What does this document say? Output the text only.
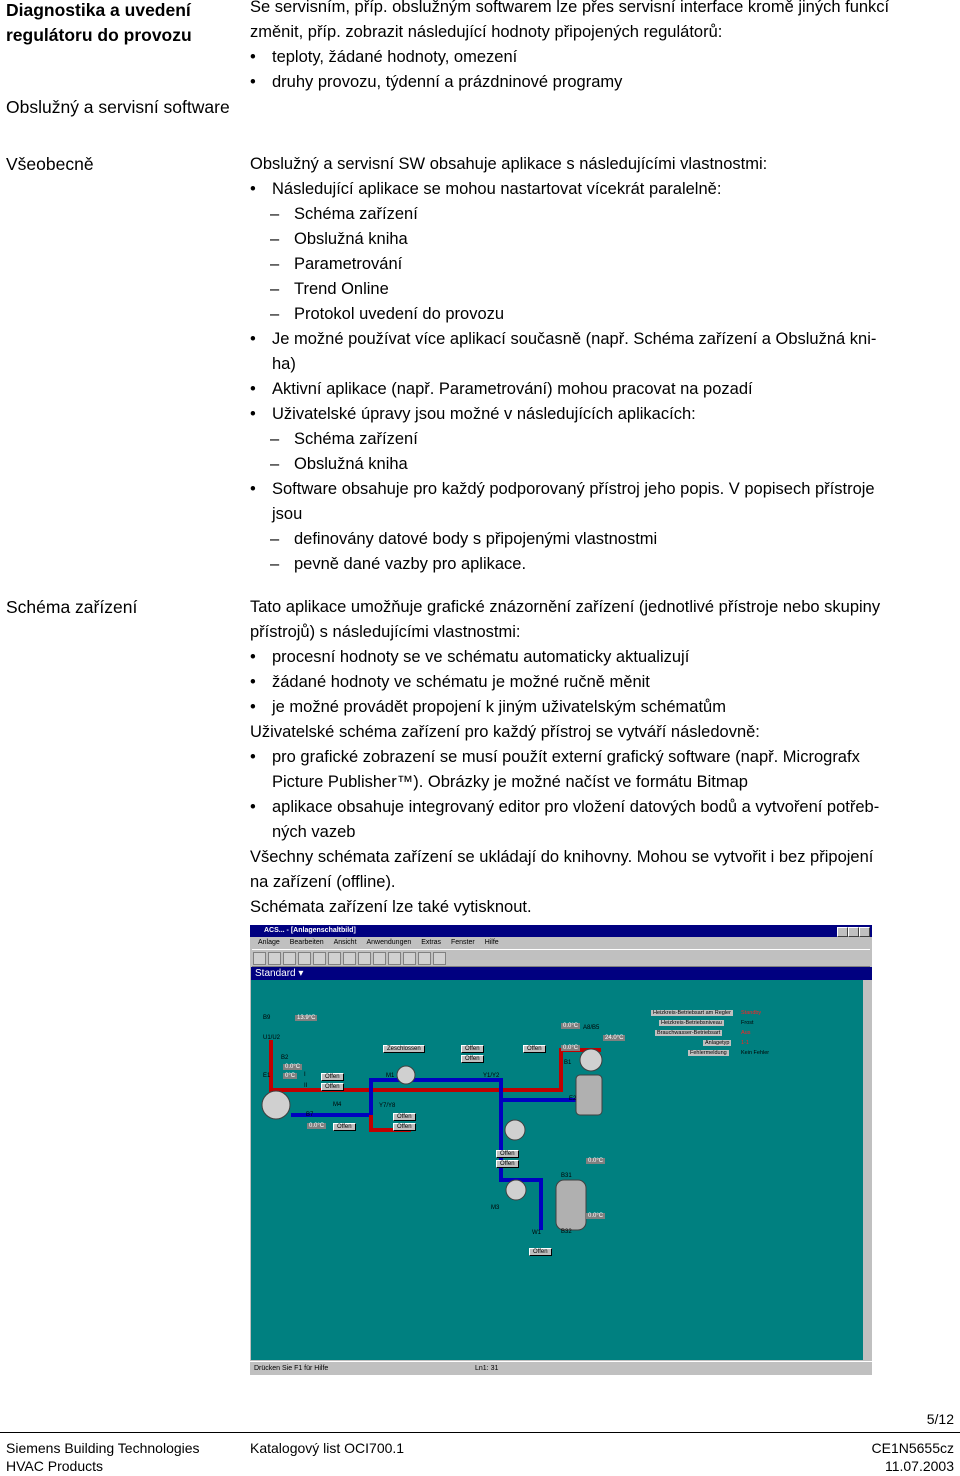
Diagnostika a uvedení regulátoru do provozu
Obslužný a servisní software
Všeobecně
Schéma zařízení

Se servisním, příp. obslužným softwarem lze přes servisní interface kromě jiných funkcí

změnit, příp. zobrazit následující hodnoty připojených regulátorů:

• teploty, žádané hodnoty, omezení

• druhy provozu, týdenní a prázdninové programy

Obslužný a servisní SW obsahuje aplikace s následujícími vlastnostmi:

• Následující aplikace se mohou nastartovat vícekrát paralelně:

– Schéma zařízení

– Obslužná kniha

– Parametrování

– Trend Online

– Protokol uvedení do provozu

• Je možné používat více aplikací současně (např. Schéma zařízení a Obslužná kni-

ha)

• Aktivní aplikace (např. Parametrování) mohou pracovat na pozadí

• Uživatelské úpravy jsou možné v následujících aplikacích:

– Schéma zařízení

– Obslužná kniha

• Software obsahuje pro každý podporovaný přístroj jeho popis. V popisech přístroje

jsou

– definovány datové body s připojenými vlastnostmi

– pevně dané vazby pro aplikace.

Tato aplikace umožňuje grafické znázornění zařízení (jednotlivé přístroje nebo skupiny

přístrojů) s následujícími vlastnostmi:

• procesní hodnoty se ve schématu automaticky aktualizují

• žádané hodnoty ve schématu je možné ručně měnit

• je možné provádět propojení k jiným uživatelským schématům

Uživatelské schéma zařízení pro každý přístroj se vytváří následovně:

• pro grafické zobrazení se musí použít externí grafický software (např. Micrografx

Picture Publisher™). Obrázky je možné načíst ve formátu Bitmap

• aplikace obsahuje integrovaný editor pro vložení datových bodů a vytvoření potřeb-

ných vazeb

Všechny schémata zařízení se ukládají do knihovny. Mohou se vytvořit i bez připojení

na zařízení (offline).

Schémata zařízení lze také vytisknout.

ACS... - [Anlagenschaltbild]
Anlage Bearbeiten Ansicht Anwendungen Extras Fenster Hilfe
Standard ▾
B9
U1/U2
B2
E1	I
II
M1
B7
M4	Y7/Y8
Y1/Y2
B1
E2
A8/B5
M3
B31
B32
W1
13.9°C
0.0°C
0°C
0.0°C
24.0°C
0.0°C
0.0°C
0.0°C
0.0°C
Offen
Offen
Zeschlossen	Offen
Offen
Offen
Offen
Offen
Offen
Offen
Offen
Offen
Heizkreis-Betriebsart am Regler
Heizkreis-Betriebsniveau
Brauchwasser-Betriebsart
Anlagetyp
Fehlermeldung
Standby
Frost
Aus
1-1
Kein Fehler
Drücken Sie F1 für Hilfe	Ln1: 31
5/12
Siemens Building Technologies
HVAC Products
Katalogový list OCI700.1	CE1N5655cz
11.07.2003
